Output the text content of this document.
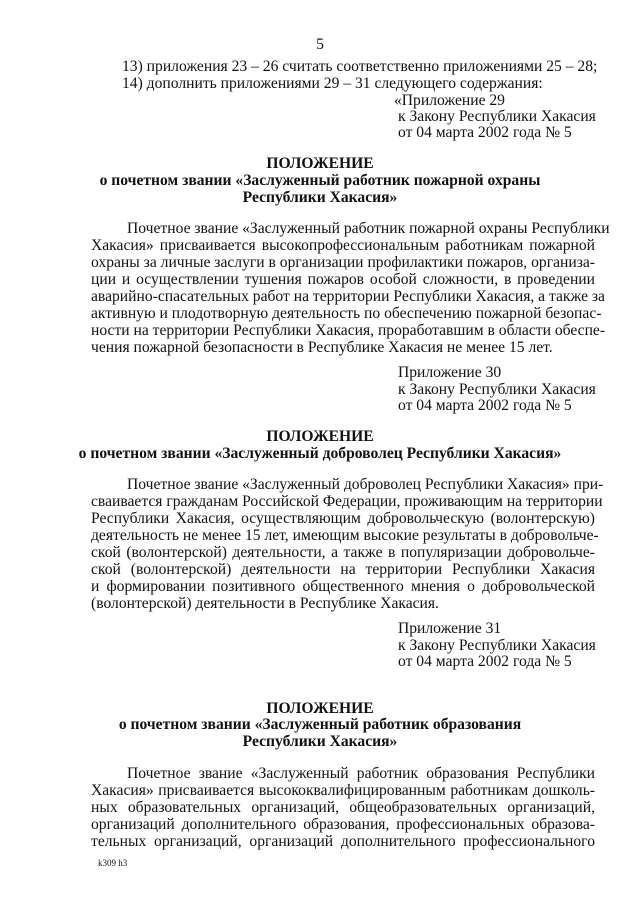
5
13) приложения 23 – 26 считать соответственно приложениями 25 – 28;
14) дополнить приложениями 29 – 31 следующего содержания:
«Приложение 29
к Закону Республики Хакасия
от 04 марта 2002 года № 5
ПОЛОЖЕНИЕ
о почетном звании «Заслуженный работник пожарной охраны
Республики Хакасия»
Почетное звание «Заслуженный работник пожарной охраны Республики
Хакасия» присваивается высокопрофессиональным работникам пожарной
охраны за личные заслуги в организации профилактики пожаров, организа-
ции и осуществлении тушения пожаров особой сложности, в проведении
аварийно-спасательных работ на территории Республики Хакасия, а также за
активную и плодотворную деятельность по обеспечению пожарной безопас-
ности на территории Республики Хакасия, проработавшим в области обеспе-
чения пожарной безопасности в Республике Хакасия не менее 15 лет.
Приложение 30
к Закону Республики Хакасия
от 04 марта 2002 года № 5
ПОЛОЖЕНИЕ
о почетном звании «Заслуженный доброволец Республики Хакасия»
Почетное звание «Заслуженный доброволец Республики Хакасия» при-
сваивается гражданам Российской Федерации, проживающим на территории
Республики Хакасия, осуществляющим добровольческую (волонтерскую)
деятельность не менее 15 лет, имеющим высокие результаты в добровольче-
ской (волонтерской) деятельности, а также в популяризации добровольче-
ской (волонтерской) деятельности на территории Республики Хакасия
и формировании позитивного общественного мнения о добровольческой
(волонтерской) деятельности в Республике Хакасия.
Приложение 31
к Закону Республики Хакасия
от 04 марта 2002 года № 5
ПОЛОЖЕНИЕ
о почетном звании «Заслуженный работник образования
Республики Хакасия»
Почетное звание «Заслуженный работник образования Республики
Хакасия» присваивается высококвалифицированным работникам дошколь-
ных образовательных организаций, общеобразовательных организаций,
организаций дополнительного образования, профессиональных образова-
тельных организаций, организаций дополнительного профессионального
k309 h3
